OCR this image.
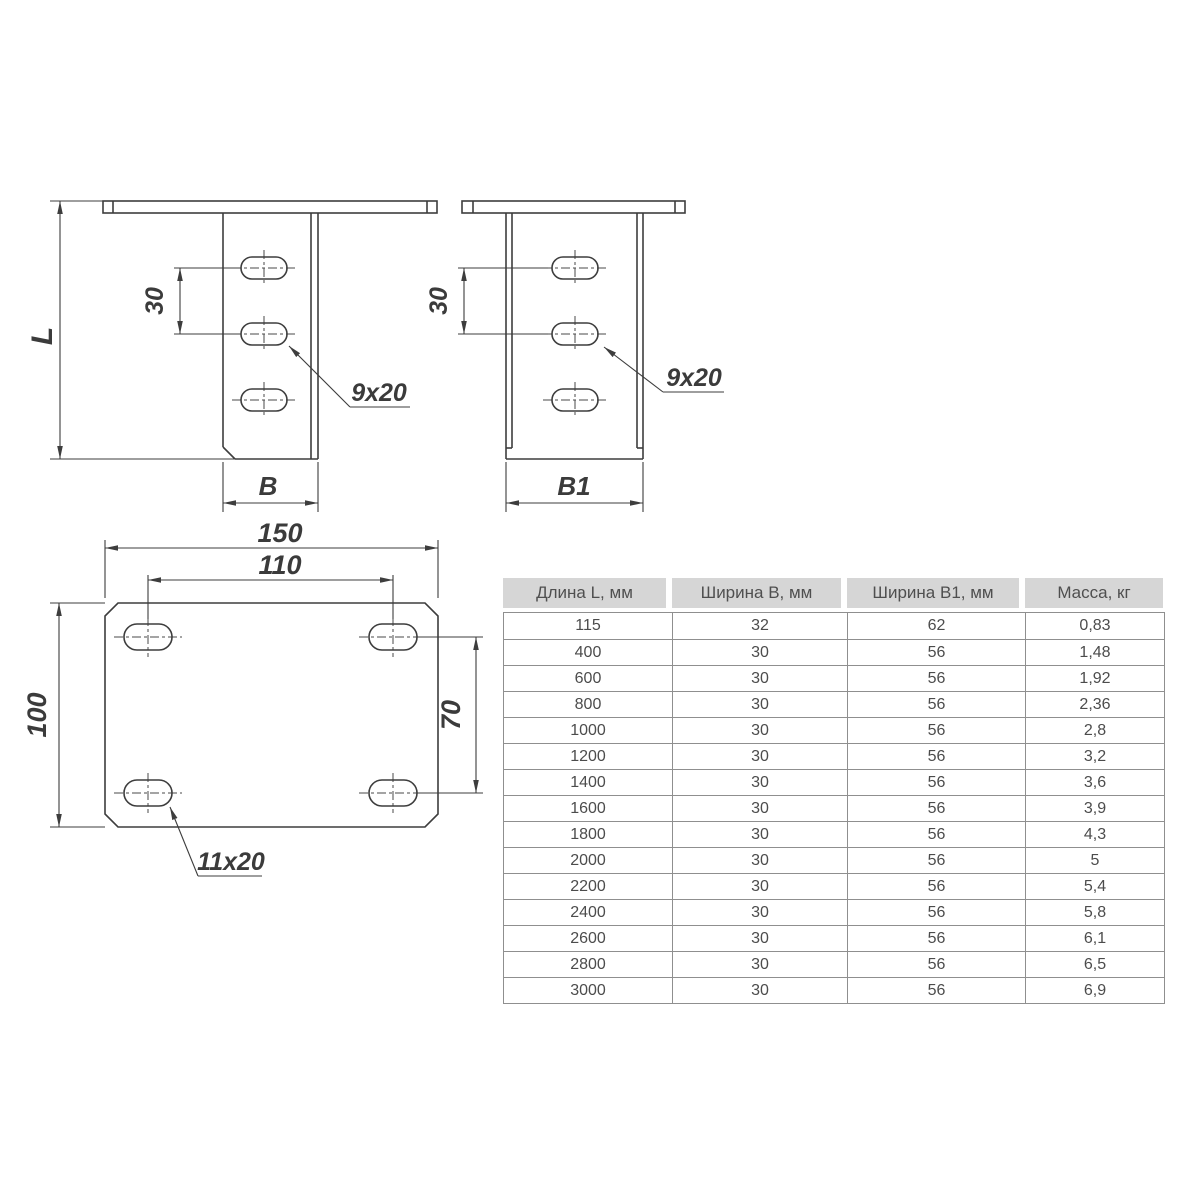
L
30
9x20
B
30
9x20
B1
150
110
100	70
11x20
Длина L, мм	Ширина B, мм	Ширина B1, мм	Масса, кг
115	32	62	0,83
400	30	56	1,48
600	30	56	1,92
800	30	56	2,36
1000	30	56	2,8
1200	30	56	3,2
1400	30	56	3,6
1600	30	56	3,9
1800	30	56	4,3
2000	30	56	5
2200	30	56	5,4
2400	30	56	5,8
2600	30	56	6,1
2800	30	56	6,5
3000	30	56	6,9
